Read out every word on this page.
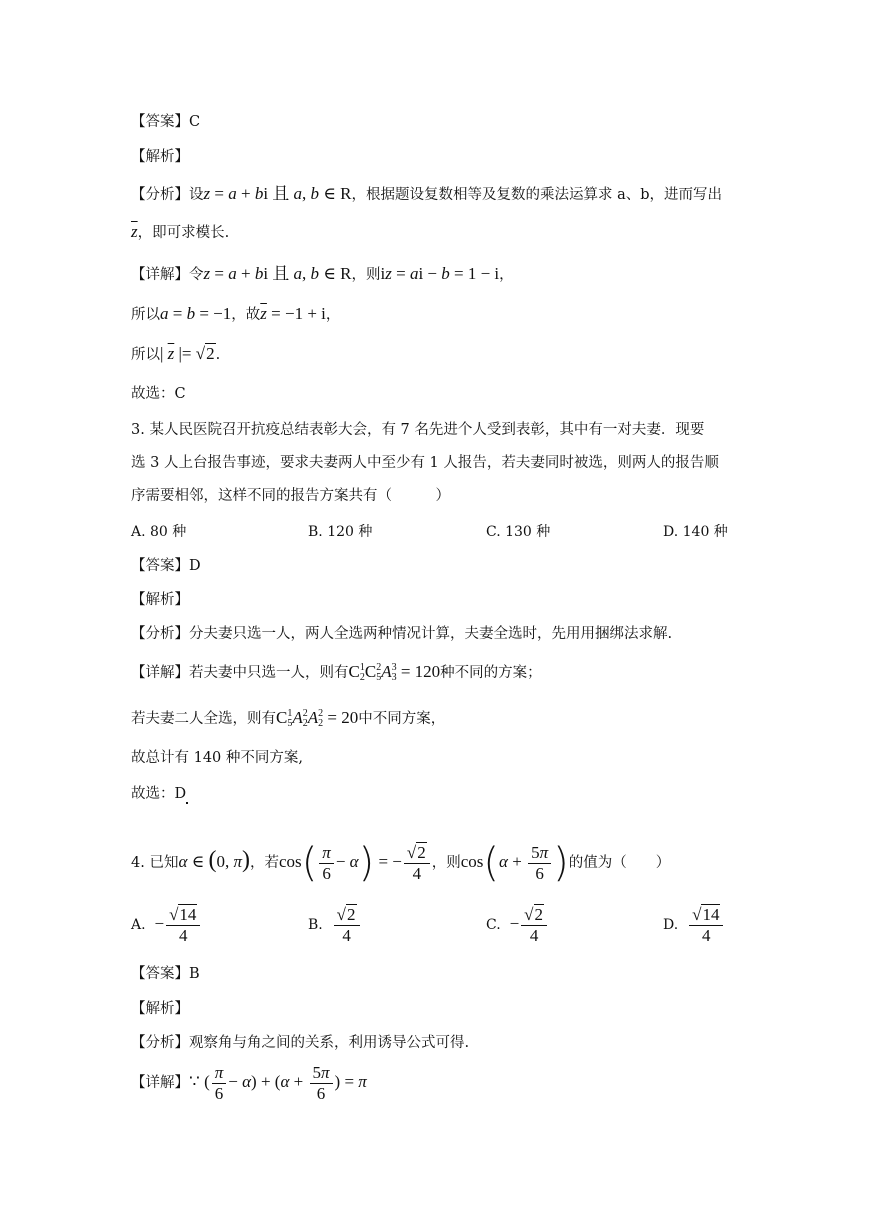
【答案】C
【解析】
【分析】设z = a + bi 且 a, b ∈ R，根据题设复数相等及复数的乘法运算求 a、b，进而写出
$\overline{z}$，即可求模长.
【详解】令z = a + bi 且 a, b ∈ R，则iz = ai − b = 1 − i，
所以a = b = −1，故$\overline{z} = -1 + i$，
所以| $\overline{z}$ |= √2.
故选：C
3. 某人民医院召开抗疫总结表彰大会，有 7 名先进个人受到表彰，其中有一对夫妻．现要
选 3 人上台报告事迹，要求夫妻两人中至少有 1 人报告，若夫妻同时被选，则两人的报告顺
序需要相邻，这样不同的报告方案共有（　　　）
A. 80 种	B. 120 种	C. 130 种	D. 140 种
【答案】D
【解析】
【分析】分夫妻只选一人，两人全选两种情况计算，夫妻全选时，先用用捆绑法求解.
【详解】若夫妻中只选一人，则有C 1
2 C 2
5 A 3
3 = 120种不同的方案；
若夫妻二人全选，则有C 1
5 A 2
2 A 2
2 = 20中不同方案，
故总计有 140 种不同方案,
故选：D
4. 已知α ∈ (0, π)，若$\cos( \frac{\pi}{6} - \alpha)$ = − $\frac{√2}{4}$ ，则$\cos(\alpha + \frac{5\pi}{6}$ )的值为（　　）
A. − $\frac{√14}{4}$	B. $\frac{√2}{4}$	C. − $\frac{√2}{4}$	D. $\frac{√14}{4}$
【答案】B
【解析】
【分析】观察角与角之间的关系，利用诱导公式可得.
【详解】∵ ( $\frac{\pi}{6} - \alpha) + (\alpha + \frac{5\pi}{6}$ ) = π
